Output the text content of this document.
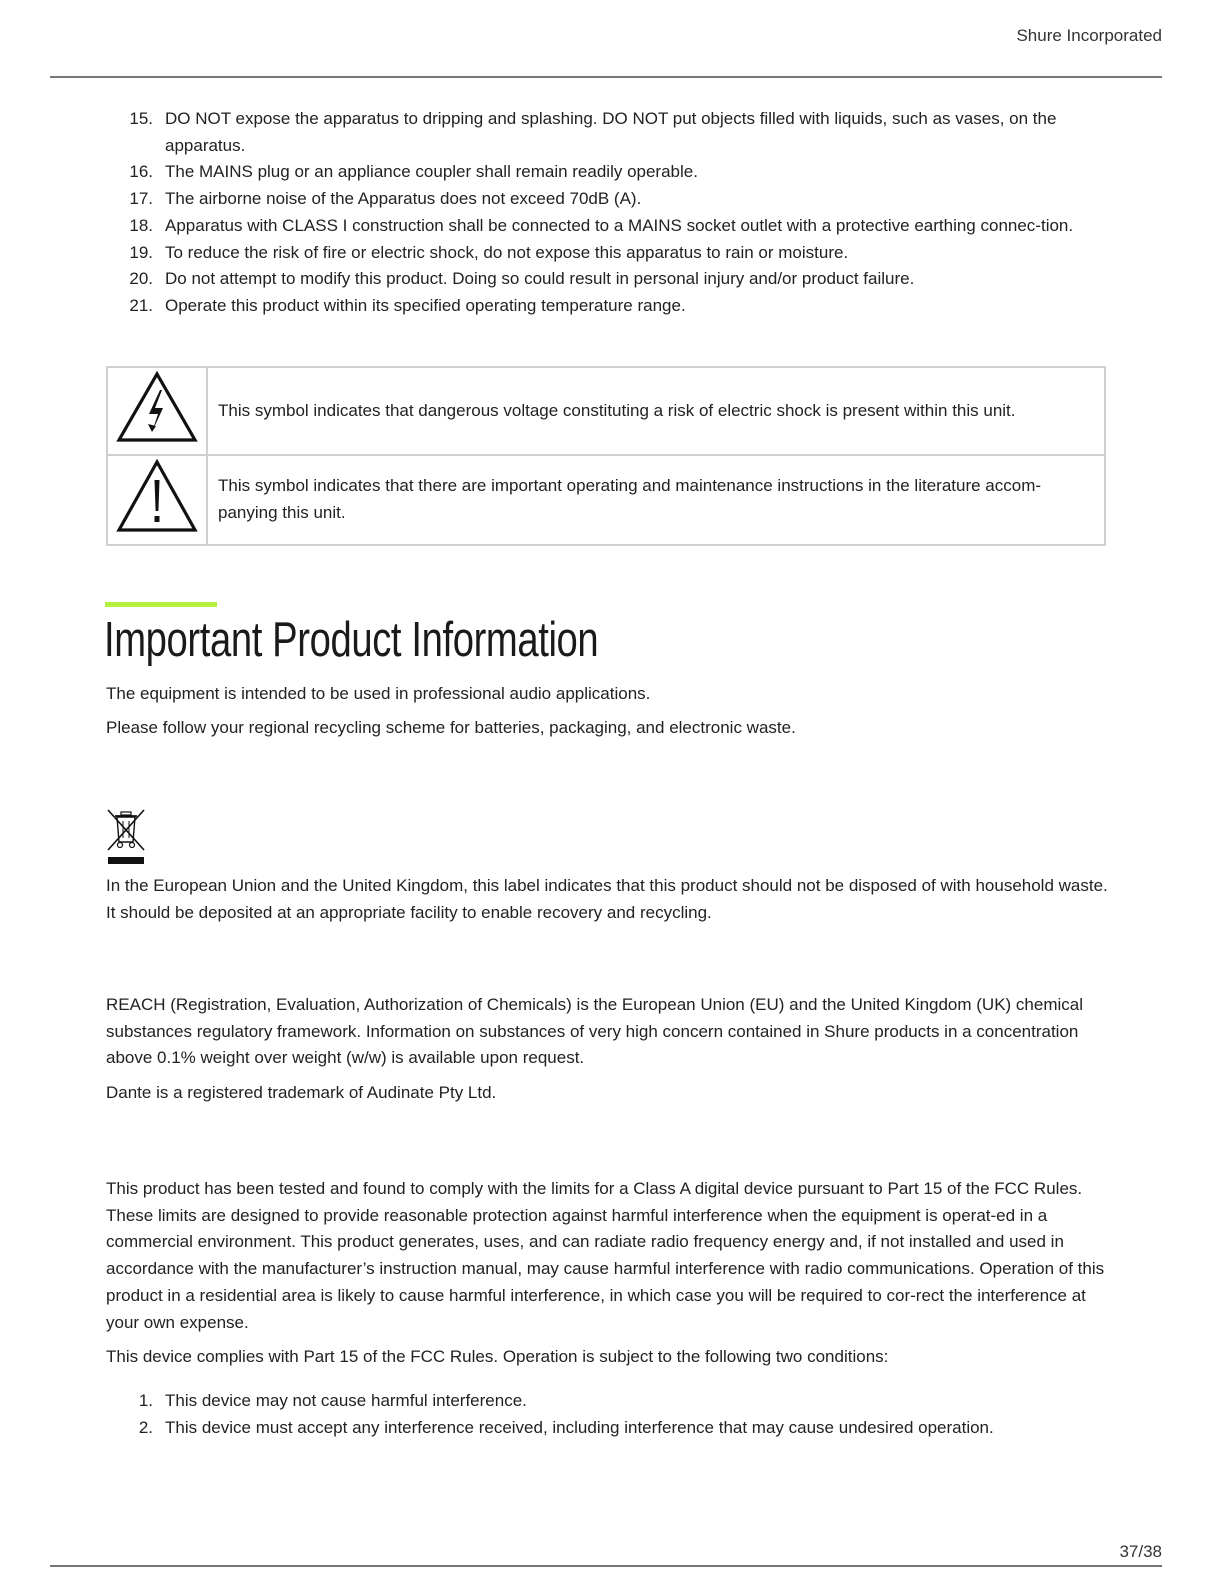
Shure Incorporated
15. DO NOT expose the apparatus to dripping and splashing. DO NOT put objects filled with liquids, such as vases, on the apparatus.
16. The MAINS plug or an appliance coupler shall remain readily operable.
17. The airborne noise of the Apparatus does not exceed 70dB (A).
18. Apparatus with CLASS I construction shall be connected to a MAINS socket outlet with a protective earthing connec-tion.
19. To reduce the risk of fire or electric shock, do not expose this apparatus to rain or moisture.
20. Do not attempt to modify this product. Doing so could result in personal injury and/or product failure.
21. Operate this product within its specified operating temperature range.
	This symbol indicates that dangerous voltage constituting a risk of electric shock is present within this unit.
	This symbol indicates that there are important operating and maintenance instructions in the literature accom-panying this unit.
Important Product Information

The equipment is intended to be used in professional audio applications.

Please follow your regional recycling scheme for batteries, packaging, and electronic waste.

In the European Union and the United Kingdom, this label indicates that this product should not be disposed of with household waste. It should be deposited at an appropriate facility to enable recovery and recycling.

REACH (Registration, Evaluation, Authorization of Chemicals) is the European Union (EU) and the United Kingdom (UK) chemical substances regulatory framework. Information on substances of very high concern contained in Shure products in a concentration above 0.1% weight over weight (w/w) is available upon request.

Dante is a registered trademark of Audinate Pty Ltd.

This product has been tested and found to comply with the limits for a Class A digital device pursuant to Part 15 of the FCC Rules. These limits are designed to provide reasonable protection against harmful interference when the equipment is operat-ed in a commercial environment. This product generates, uses, and can radiate radio frequency energy and, if not installed and used in accordance with the manufacturer’s instruction manual, may cause harmful interference with radio communications. Operation of this product in a residential area is likely to cause harmful interference, in which case you will be required to cor-rect the interference at your own expense.

This device complies with Part 15 of the FCC Rules. Operation is subject to the following two conditions:

1. This device may not cause harmful interference.
2. This device must accept any interference received, including interference that may cause undesired operation.
37/38
